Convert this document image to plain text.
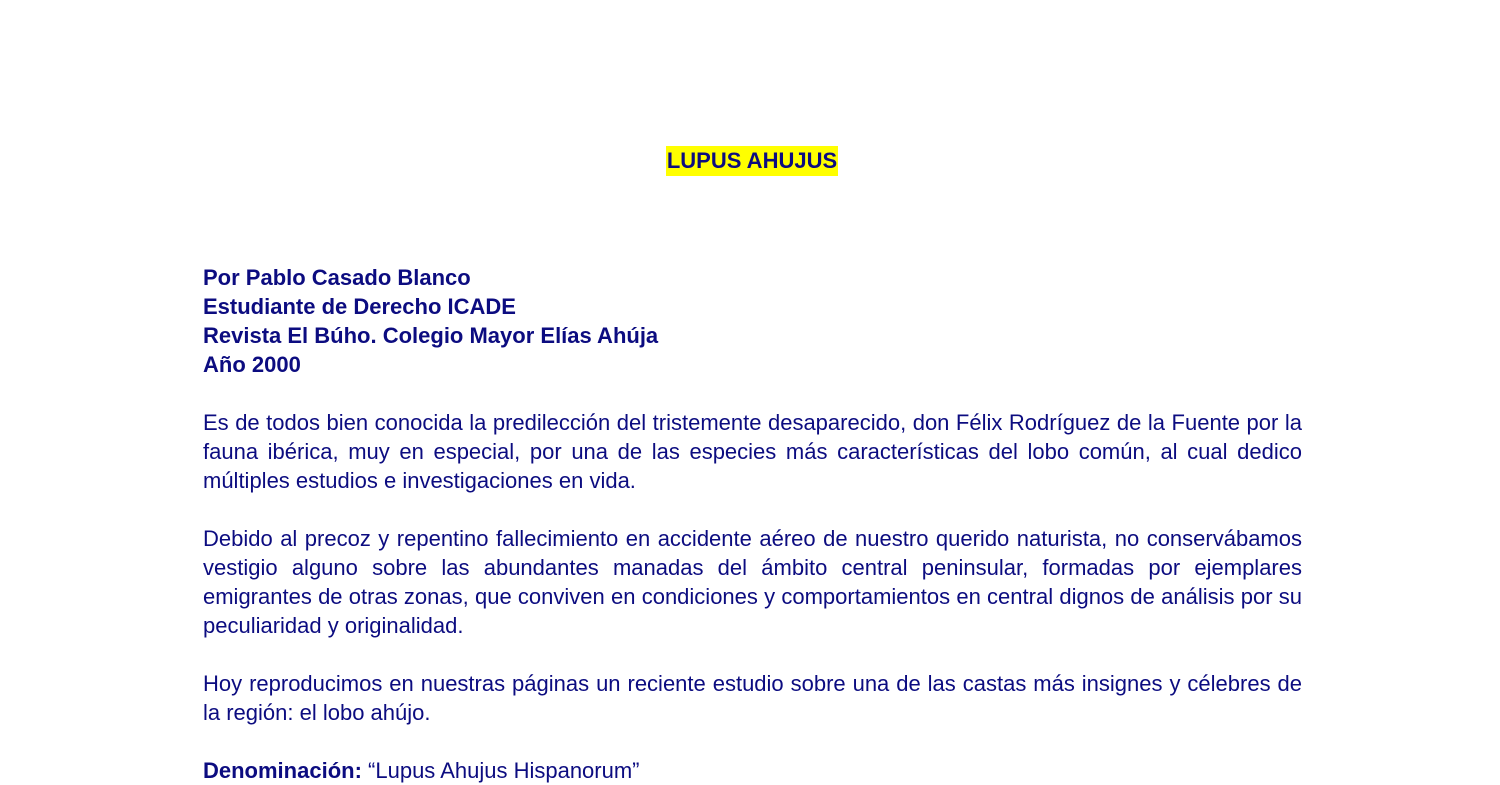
LUPUS AHUJUS
Por Pablo Casado Blanco
Estudiante de Derecho ICADE
Revista El Búho. Colegio Mayor Elías Ahúja
Año 2000

Es de todos bien conocida la predilección del tristemente desaparecido, don Félix Rodríguez de la Fuente por la fauna ibérica, muy en especial, por una de las especies más características del lobo común, al cual dedico múltiples estudios e investigaciones en vida.

Debido al precoz y repentino fallecimiento en accidente aéreo de nuestro querido naturista, no conservábamos vestigio alguno sobre las abundantes manadas del ámbito central peninsular, formadas por ejemplares emigrantes de otras zonas, que conviven en condiciones y comportamientos en central dignos de análisis por su peculiaridad y originalidad.

Hoy reproducimos en nuestras páginas un reciente estudio sobre una de las castas más insignes y célebres de la región: el lobo ahújo.

Denominación: “Lupus Ahujus Hispanorum”
